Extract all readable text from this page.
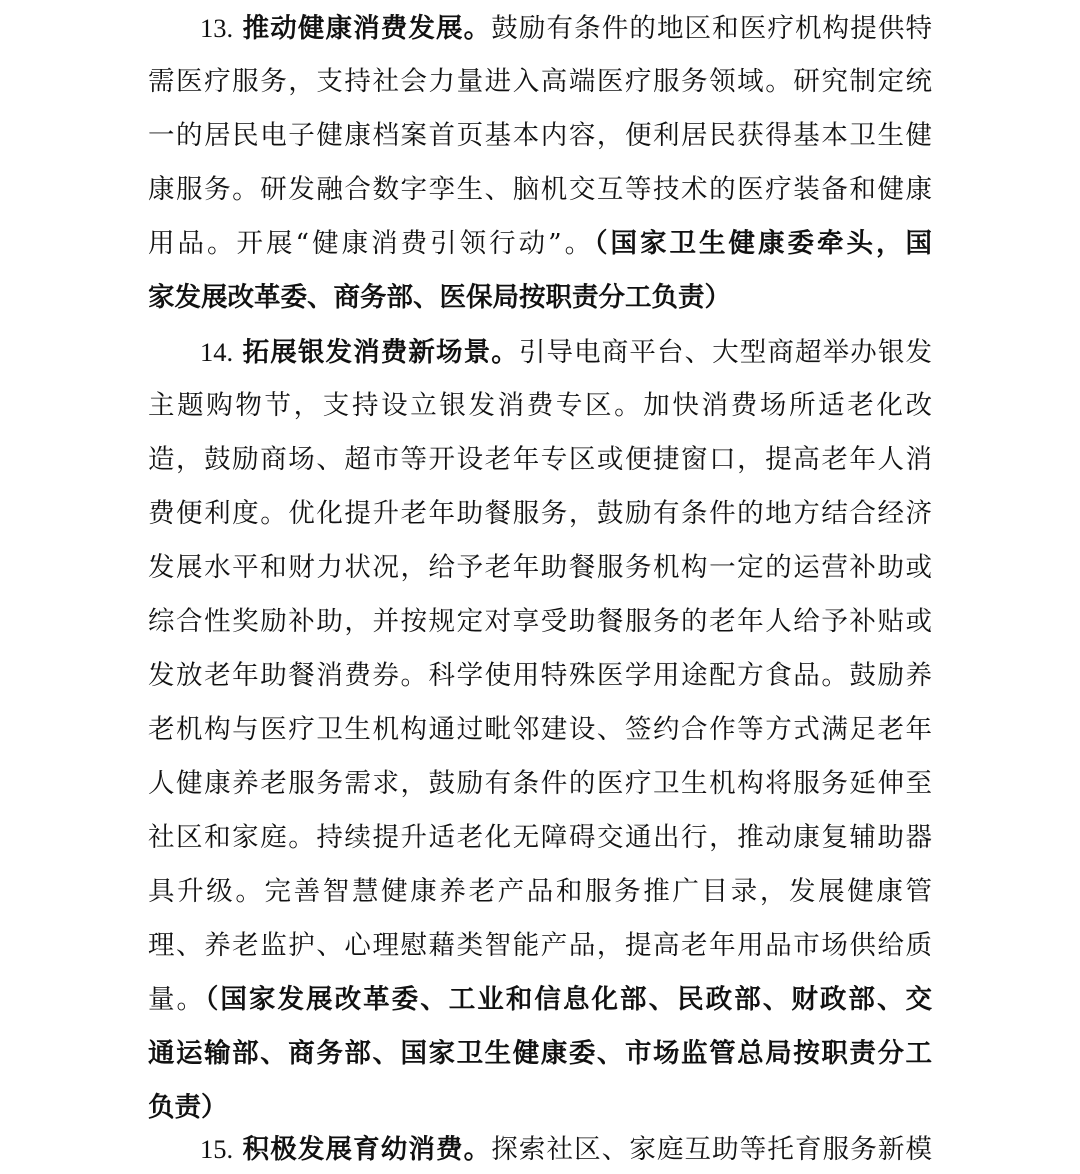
13. 推动健康消费发展。鼓励有条件的地区和医疗机构提供特
需医疗服务，支持社会力量进入高端医疗服务领域。研究制定统
一的居民电子健康档案首页基本内容，便利居民获得基本卫生健
康服务。研发融合数字孪生、脑机交互等技术的医疗装备和健康
用品。开展“健康消费引领行动”。（国家卫生健康委牵头，国
家发展改革委、商务部、医保局按职责分工负责）
14. 拓展银发消费新场景。引导电商平台、大型商超举办银发
主题购物节，支持设立银发消费专区。加快消费场所适老化改
造，鼓励商场、超市等开设老年专区或便捷窗口，提高老年人消
费便利度。优化提升老年助餐服务，鼓励有条件的地方结合经济
发展水平和财力状况，给予老年助餐服务机构一定的运营补助或
综合性奖励补助，并按规定对享受助餐服务的老年人给予补贴或
发放老年助餐消费券。科学使用特殊医学用途配方食品。鼓励养
老机构与医疗卫生机构通过毗邻建设、签约合作等方式满足老年
人健康养老服务需求，鼓励有条件的医疗卫生机构将服务延伸至
社区和家庭。持续提升适老化无障碍交通出行，推动康复辅助器
具升级。完善智慧健康养老产品和服务推广目录，发展健康管
理、养老监护、心理慰藉类智能产品，提高老年用品市场供给质
量。（国家发展改革委、工业和信息化部、民政部、财政部、交
通运输部、商务部、国家卫生健康委、市场监管总局按职责分工
负责）
15. 积极发展育幼消费。探索社区、家庭互助等托育服务新模
